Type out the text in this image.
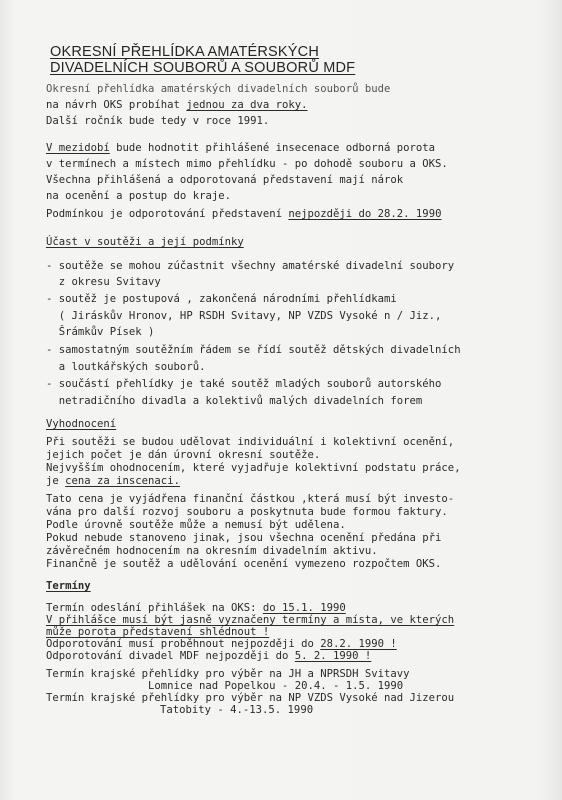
OKRESNÍ PŘEHLÍDKA AMATÉRSKÝCH
DIVADELNÍCH SOUBORŮ A SOUBORŮ MDF
Okresní přehlídka amatérských divadelních souborů bude
na návrh OKS probíhat jednou za dva roky.
Další ročník bude tedy v roce 1991.
V mezidobí bude hodnotit přihlášené insecenace odborná porota
v termínech a místech mimo přehlídku - po dohodě souboru a OKS.
Všechna přihlášená a odporotovaná představení mají nárok
na ocenění a postup do kraje.
Podmínkou je odporotování představení nejpozději do 28.2. 1990
Účast v soutěži a její podmínky
- soutěže se mohou zúčastnit všechny amatérské divadelní soubory
z okresu Svitavy
- soutěž je postupová , zakončená národními přehlídkami
( Jiráskův Hronov, HP RSDH Svitavy, NP VZDS Vysoké n / Jiz.,
Šrámkův Písek )
- samostatným soutěžním řádem se řídí soutěž dětských divadelních
a loutkářských souborů.
- součástí přehlídky je také soutěž mladých souborů autorského
netradičního divadla a kolektivů malých divadelních forem
Vyhodnocení
Při soutěži se budou udělovat individuální i kolektivní ocenění,
jejich počet je dán úrovní okresní soutěže.
Nejvyšším ohodnocením, které vyjadřuje kolektivní podstatu práce,
je cena za inscenaci.
Tato cena je vyjádřena finanční částkou ,která musí být investo-
vána pro další rozvoj souboru a poskytnuta bude formou faktury.
Podle úrovně soutěže může a nemusí být udělena.
Pokud nebude stanoveno jinak, jsou všechna ocenění předána při
závěrečném hodnocením na okresním divadelním aktivu.
Finančně je soutěž a udělování ocenění vymezeno rozpočtem OKS.
Termíny
Termín odeslání přihlášek na OKS: do 15.1. 1990
V přihlášce musí být jasně vyznačeny termíny a místa, ve kterých
může porota představení shlédnout !
Odporotování musí proběhnout nejpozději do 28.2. 1990 !
Odporotování divadel MDF nejpozději do 5. 2. 1990 !
Termín krajské přehlídky pro výběr na JH a NPRSDH Svitavy
Lomnice nad Popelkou - 20.4. - 1.5. 1990
Termín krajské přehlídky pro výběr na NP VZDS Vysoké nad Jizerou
Tatobity - 4.-13.5. 1990
